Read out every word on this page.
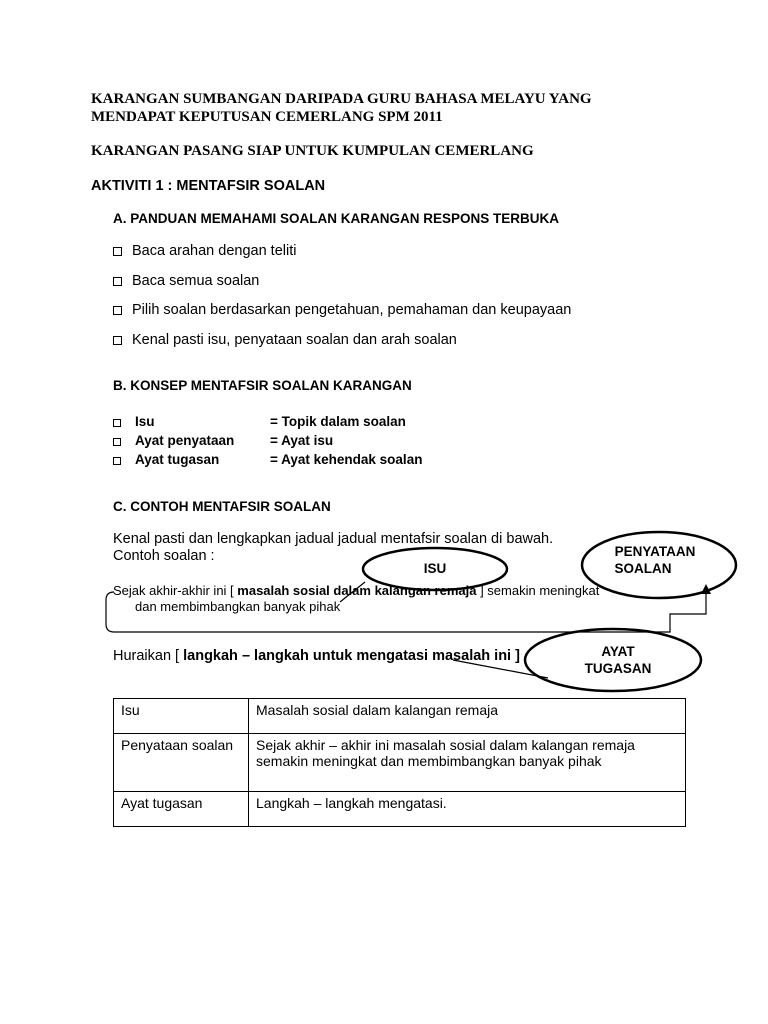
KARANGAN SUMBANGAN DARIPADA GURU BAHASA MELAYU YANG
MENDAPAT KEPUTUSAN CEMERLANG SPM 2011
KARANGAN PASANG SIAP UNTUK KUMPULAN CEMERLANG
AKTIVITI 1 : MENTAFSIR SOALAN
A. PANDUAN MEMAHAMI SOALAN KARANGAN RESPONS TERBUKA
Baca arahan dengan teliti
Baca semua soalan
Pilih soalan berdasarkan pengetahuan, pemahaman dan keupayaan
Kenal pasti isu, penyataan soalan dan arah soalan
B. KONSEP MENTAFSIR SOALAN KARANGAN
Isu	= Topik dalam soalan
Ayat penyataan	= Ayat isu
Ayat tugasan	= Ayat kehendak soalan
C. CONTOH MENTAFSIR SOALAN
Kenal pasti dan lengkapkan jadual jadual mentafsir soalan di bawah.
Contoh soalan :
ISU
PENYATAAN
SOALAN
AYAT
TUGASAN
Sejak akhir-akhir ini [ masalah sosial dalam kalangan remaja ] semakin meningkat
dan membimbangkan banyak pihak
Huraikan [ langkah – langkah untuk mengatasi masalah ini ]
Isu	Masalah sosial dalam kalangan remaja
Penyataan soalan	Sejak akhir – akhir ini masalah sosial dalam kalangan remaja semakin meningkat dan membimbangkan banyak pihak
Ayat tugasan	Langkah – langkah mengatasi.
